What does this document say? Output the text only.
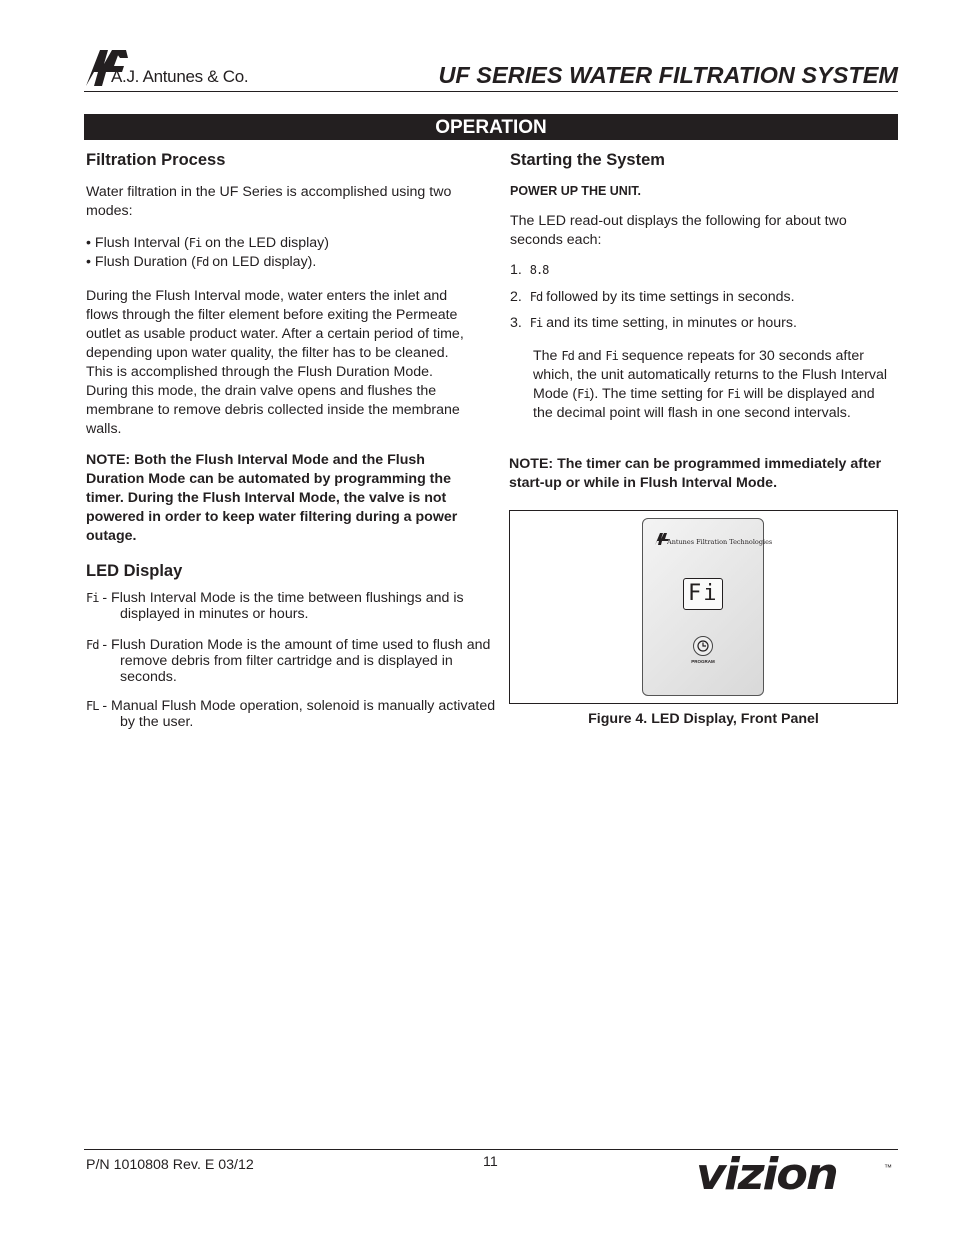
A.J. Antunes & Co.	UF SERIES WATER FILTRATION SYSTEM
OPERATION
Filtration Process
Water filtration in the UF Series is accomplished using two modes:
• Flush Interval (Fi on the LED display)
• Flush Duration (Fd on LED display).
During the Flush Interval mode, water enters the inlet and flows through the filter element before exiting the Permeate outlet as usable product water. After a certain period of time, depending upon water quality, the filter has to be cleaned. This is accomplished through the Flush Duration Mode. During this mode, the drain valve opens and flushes the membrane to remove debris collected inside the membrane walls.
NOTE: Both the Flush Interval Mode and the Flush Duration Mode can be automated by programming the timer. During the Flush Interval Mode, the valve is not powered in order to keep water filtering during a power outage.
LED Display
Fi - Flush Interval Mode is the time between flushings and is displayed in minutes or hours.
Fd - Flush Duration Mode is the amount of time used to flush and remove debris from filter cartridge and is displayed in seconds.
FL - Manual Flush Mode operation, solenoid is manually activated by the user.
Starting the System
POWER UP THE UNIT.
The LED read-out displays the following for about two seconds each:
1. 8.8
2. Fd followed by its time settings in seconds.
3. Fi and its time setting, in minutes or hours.
The Fd and Fi sequence repeats for 30 seconds after which, the unit automatically returns to the Flush Interval Mode (Fi). The time setting for Fi will be displayed and the decimal point will flash in one second intervals.
NOTE: The timer can be programmed immediately after start-up or while in Flush Interval Mode.
Antunes Filtration Technologies
Fi
PROGRAM
Figure 4. LED Display, Front Panel
P/N 1010808 Rev. E 03/12	11	vizion	™
